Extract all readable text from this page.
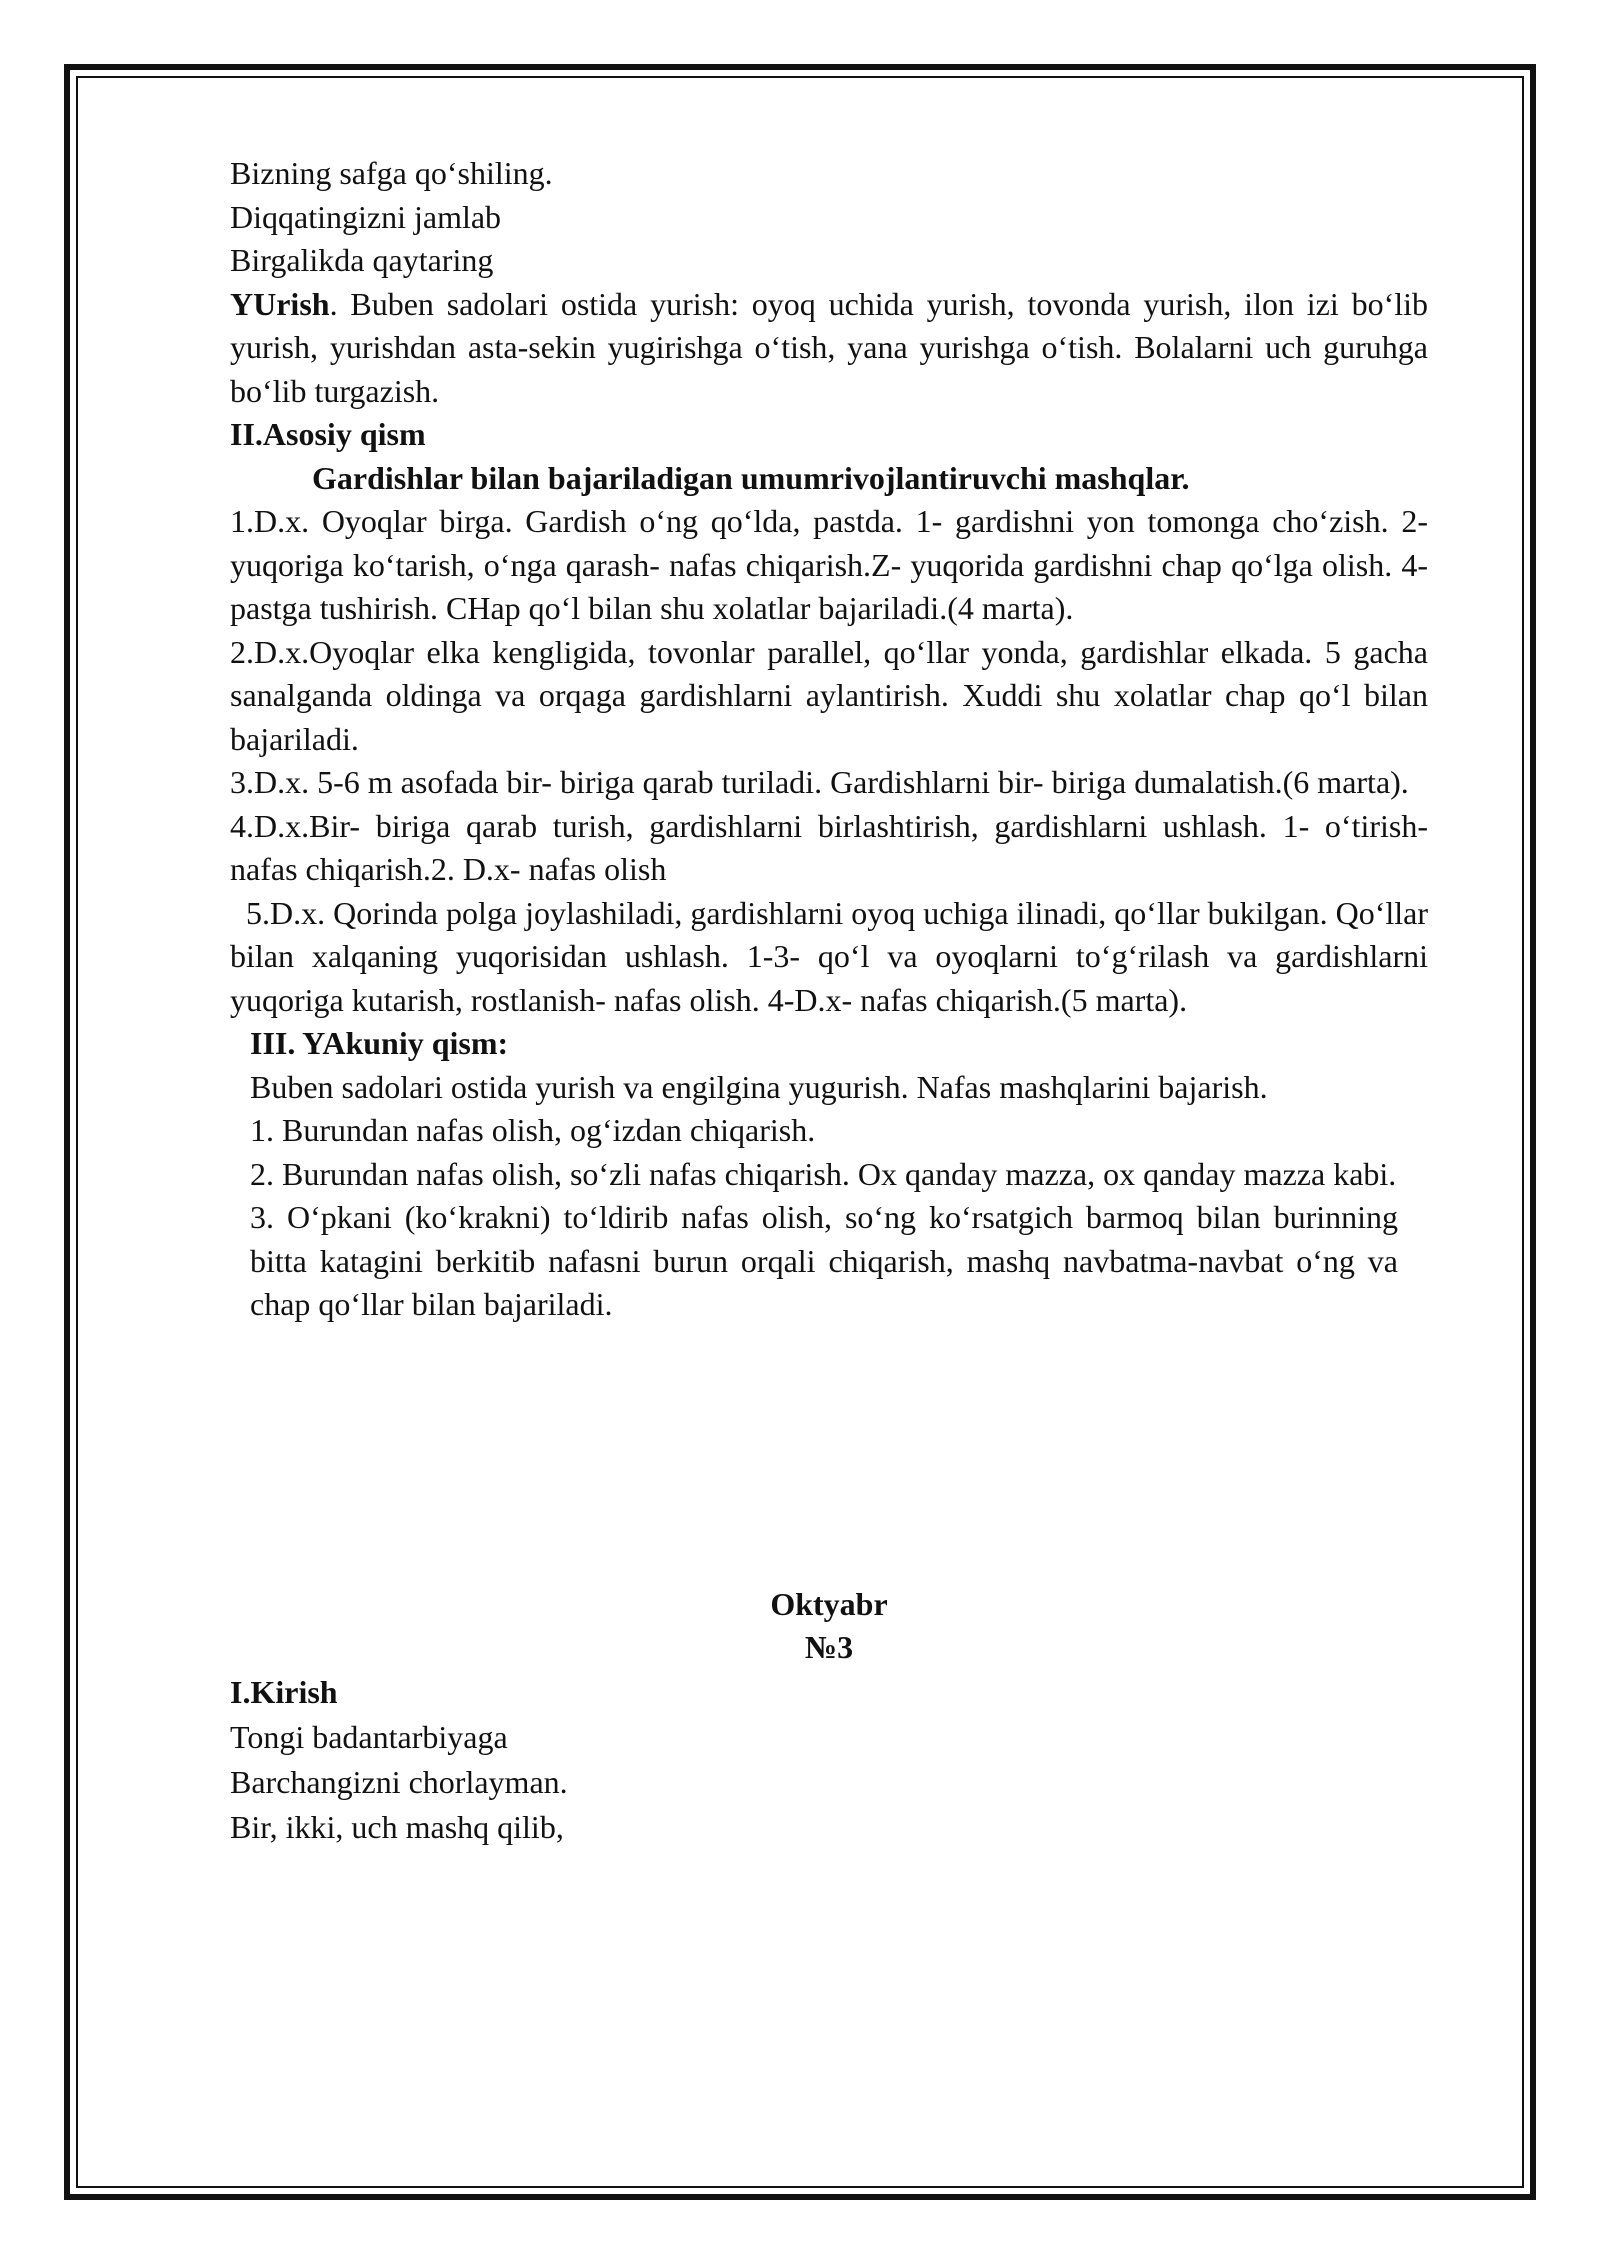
Bizning safga qo‘shiling.
Diqqatingizni jamlab
Birgalikda qaytaring
YUrish. Buben sadolari ostida yurish: oyoq uchida yurish, tovonda yurish, ilon izi bo‘lib yurish, yurishdan asta-sekin yugirishga o‘tish, yana yurishga o‘tish. Bolalarni uch guruhga bo‘lib turgazish.
II.Asosiy qism
Gardishlar bilan bajariladigan umumrivojlantiruvchi mashqlar.
1.D.x. Oyoqlar birga. Gardish o‘ng qo‘lda, pastda. 1- gardishni yon tomonga cho‘zish. 2- yuqoriga ko‘tarish, o‘nga qarash- nafas chiqarish.Z- yuqorida gardishni chap qo‘lga olish. 4- pastga tushirish. CHap qo‘l bilan shu xolatlar bajariladi.(4 marta).
2.D.x.Oyoqlar elka kengligida, tovonlar parallel, qo‘llar yonda, gardishlar elkada. 5 gacha sanalganda oldinga va orqaga gardishlarni aylantirish. Xuddi shu xolatlar chap qo‘l bilan bajariladi.
3.D.x. 5-6 m asofada bir- biriga qarab turiladi. Gardishlarni bir- biriga dumalatish.(6 marta).
4.D.x.Bir- biriga qarab turish, gardishlarni birlashtirish, gardishlarni ushlash. 1- o‘tirish- nafas chiqarish.2. D.x- nafas olish
5.D.x. Qorinda polga joylashiladi, gardishlarni oyoq uchiga ilinadi, qo‘llar bukilgan. Qo‘llar bilan xalqaning yuqorisidan ushlash. 1-3- qo‘l va oyoqlarni to‘g‘rilash va gardishlarni yuqoriga kutarish, rostlanish- nafas olish. 4-D.x- nafas chiqarish.(5 marta).
III. YAkuniy qism:
Buben sadolari ostida yurish va engilgina yugurish. Nafas mashqlarini bajarish.
1. Burundan nafas olish, og‘izdan chiqarish.
2. Burundan nafas olish, so‘zli nafas chiqarish. Ox qanday mazza, ox qanday mazza kabi.
3. O‘pkani (ko‘krakni) to‘ldirib nafas olish, so‘ng ko‘rsatgich barmoq bilan burinning bitta katagini berkitib nafasni burun orqali chiqarish, mashq navbatma-navbat o‘ng va chap qo‘llar bilan bajariladi.
Oktyabr
№3
I.Kirish
Tongi badantarbiyaga
Barchangizni chorlayman.
Bir, ikki, uch mashq qilib,
